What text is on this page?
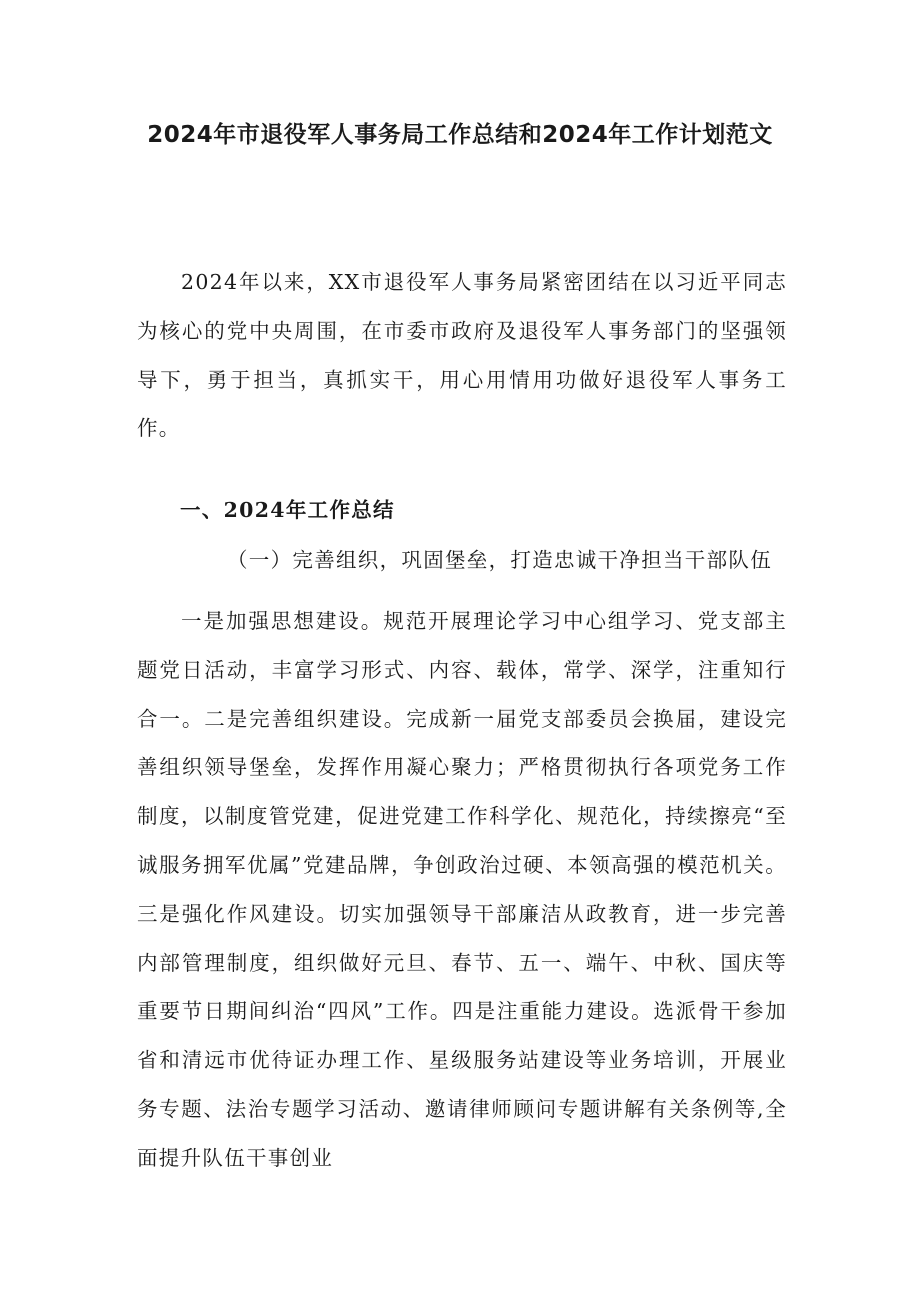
2024年市退役军人事务局工作总结和2024年工作计划范文

2024年以来，XX市退役军人事务局紧密团结在以习近平同志为核心的党中央周围，在市委市政府及退役军人事务部门的坚强领导下，勇于担当，真抓实干，用心用情用功做好退役军人事务工作。

一、2024年工作总结
（一）完善组织，巩固堡垒，打造忠诚干净担当干部队伍

一是加强思想建设。规范开展理论学习中心组学习、党支部主题党日活动，丰富学习形式、内容、载体，常学、深学，注重知行合一。二是完善组织建设。完成新一届党支部委员会换届，建设完善组织领导堡垒，发挥作用凝心聚力；严格贯彻执行各项党务工作制度，以制度管党建，促进党建工作科学化、规范化，持续擦亮“至诚服务拥军优属”党建品牌，争创政治过硬、本领高强的模范机关。三是强化作风建设。切实加强领导干部廉洁从政教育，进一步完善内部管理制度，组织做好元旦、春节、五一、端午、中秋、国庆等重要节日期间纠治“四风”工作。四是注重能力建设。选派骨干参加省和清远市优待证办理工作、星级服务站建设等业务培训，开展业务专题、法治专题学习活动、邀请律师顾问专题讲解有关条例等,全面提升队伍干事创业
